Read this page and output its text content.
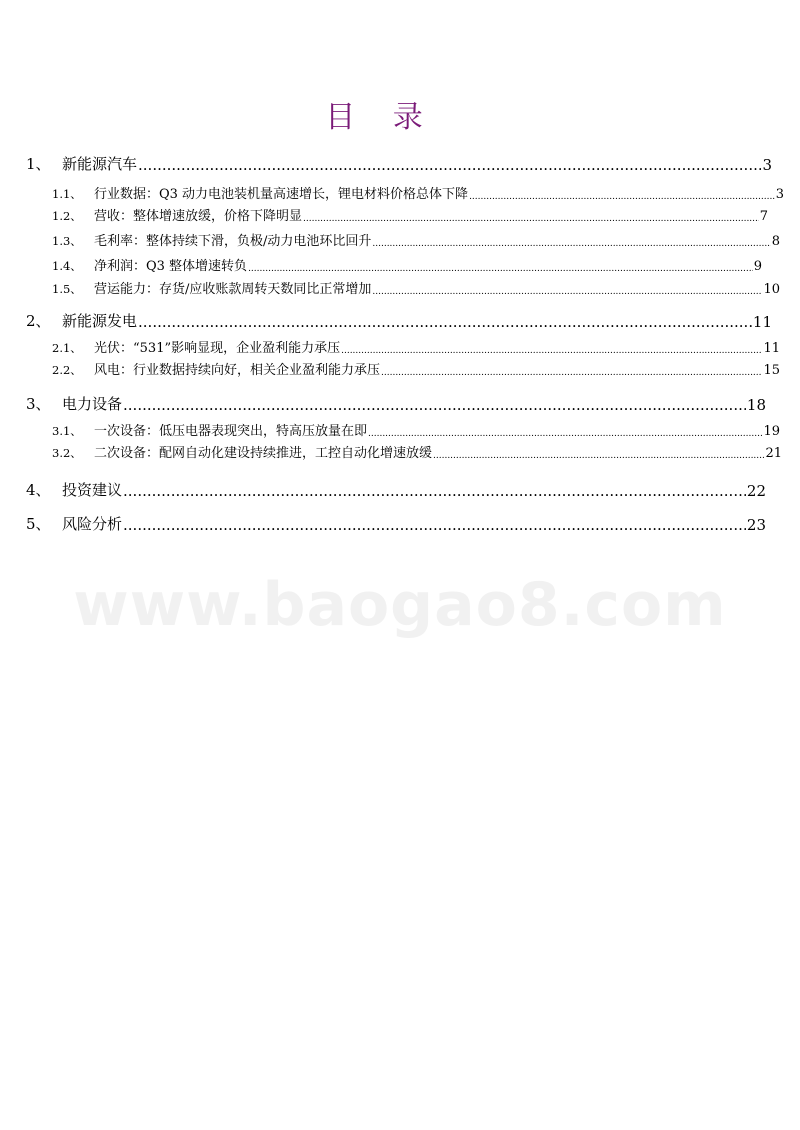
www.baogao8.com
目 录
1、 新能源汽车 .....	3
1.1、 行业数据：Q3 动力电池装机量高速增长，锂电材料价格总体下降 .....	3
1.2、 营收：整体增速放缓，价格下降明显 .....	7
1.3、 毛利率：整体持续下滑，负极/动力电池环比回升 .....	8
1.4、 净利润：Q3 整体增速转负 .....	9
1.5、 营运能力：存货/应收账款周转天数同比正常增加 .....	10
2、 新能源发电 .....	11
2.1、 光伏：“531”影响显现，企业盈利能力承压 .....	11
2.2、 风电：行业数据持续向好，相关企业盈利能力承压 .....	15
3、 电力设备 .....	18
3.1、 一次设备：低压电器表现突出，特高压放量在即 .....	19
3.2、 二次设备：配网自动化建设持续推进，工控自动化增速放缓 .....	21
4、 投资建议 .....	22
5、 风险分析 .....	23
